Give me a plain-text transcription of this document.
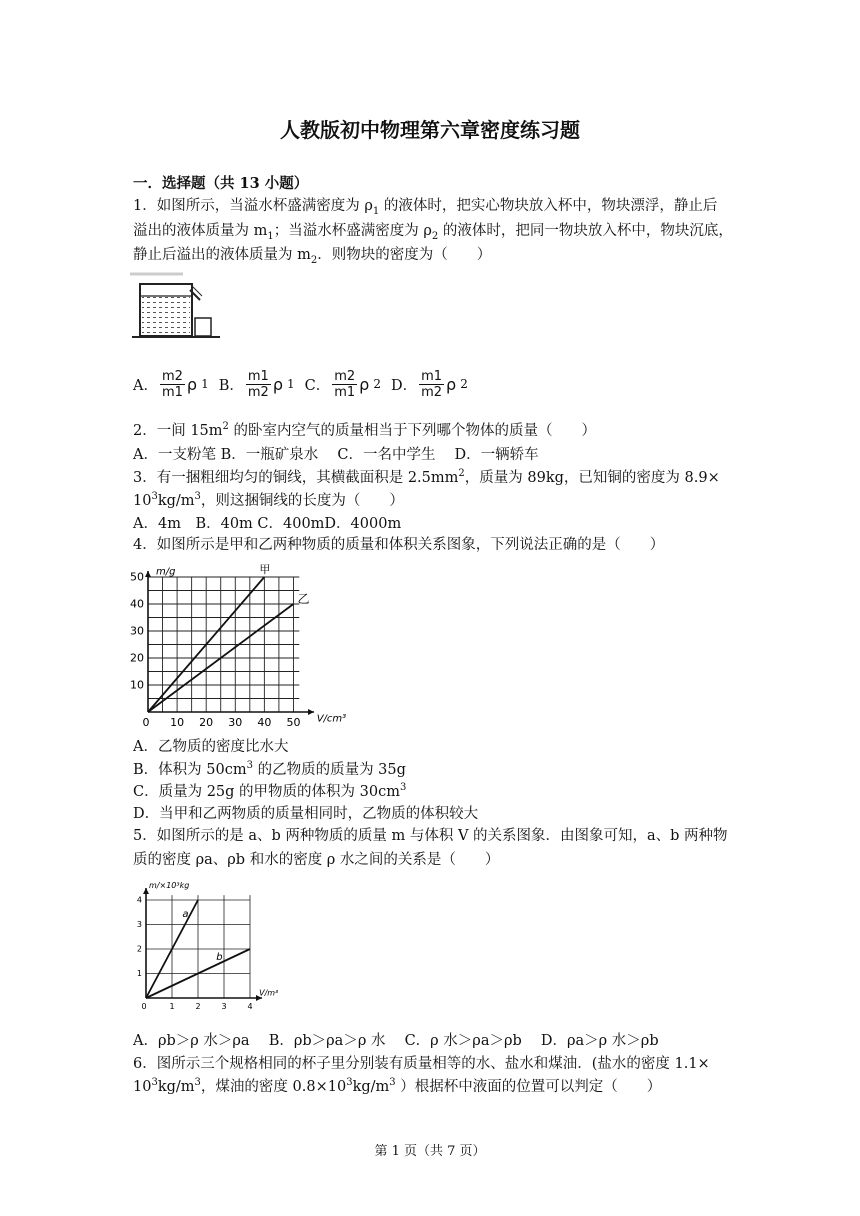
人教版初中物理第六章密度练习题
一．选择题（共 13 小题）
1．如图所示，当溢水杯盛满密度为 $\rho_1$ 的液体时，把实心物块放入杯中，物块漂浮，静止后
溢出的液体质量为 $m_1$；当溢水杯盛满密度为 $\rho_2$ 的液体时，把同一物块放入杯中，物块沉底，
静止后溢出的液体质量为 $m_2$．则物块的密度为（　　）
A． $\frac{m2}{m1}$ ρ 1 B． $\frac{m1}{m2}$ ρ 1 C． $\frac{m2}{m1}$ ρ 2 D． $\frac{m1}{m2}$ ρ 2
2．一间 $15m^2$ 的卧室内空气的质量相当于下列哪个物体的质量（　　）
A．一支粉笔 B．一瓶矿泉水　 C．一名中学生　 D．一辆轿车
3．有一捆粗细均匀的铜线，其横截面积是 $2.5mm^2$，质量为 89kg，已知铜的密度为 8.9×
$10^3kg/m^3$，则这捆铜线的长度为（　　）
A．4m　B．40m C．400mD．4000m
4．如图所示是甲和乙两种物质的质量和体积关系图象，下列说法正确的是（　　）
0 10 20 30 40 50
10
20
30
40
50
V/cm³
m/g	甲
乙
A．乙物质的密度比水大
B．体积为 $50cm^3$ 的乙物质的质量为 35g
C．质量为 25g 的甲物质的体积为 $30cm^3$
D．当甲和乙两物质的质量相同时，乙物质的体积较大
5．如图所示的是 a、b 两种物质的质量 m 与体积 V 的关系图象．由图象可知，a、b 两种物
质的密度 ρa、ρb 和水的密度 ρ 水之间的关系是（　　）
0	1	2	3	4
1
2
3
4
V/m³
m/×10³kg
a
b
A．ρb＞ρ 水＞ρa　 B．ρb＞ρa＞ρ 水　 C．ρ 水＞ρa＞ρb　 D．ρa＞ρ 水＞ρb
6．图所示三个规格相同的杯子里分别装有质量相等的水、盐水和煤油．(盐水的密度 1.1×
$10^3kg/m^3$，煤油的密度 $0.8\times 10^3kg/m^3$ ）根据杯中液面的位置可以判定（　　）
第 1 页（共 7 页）
